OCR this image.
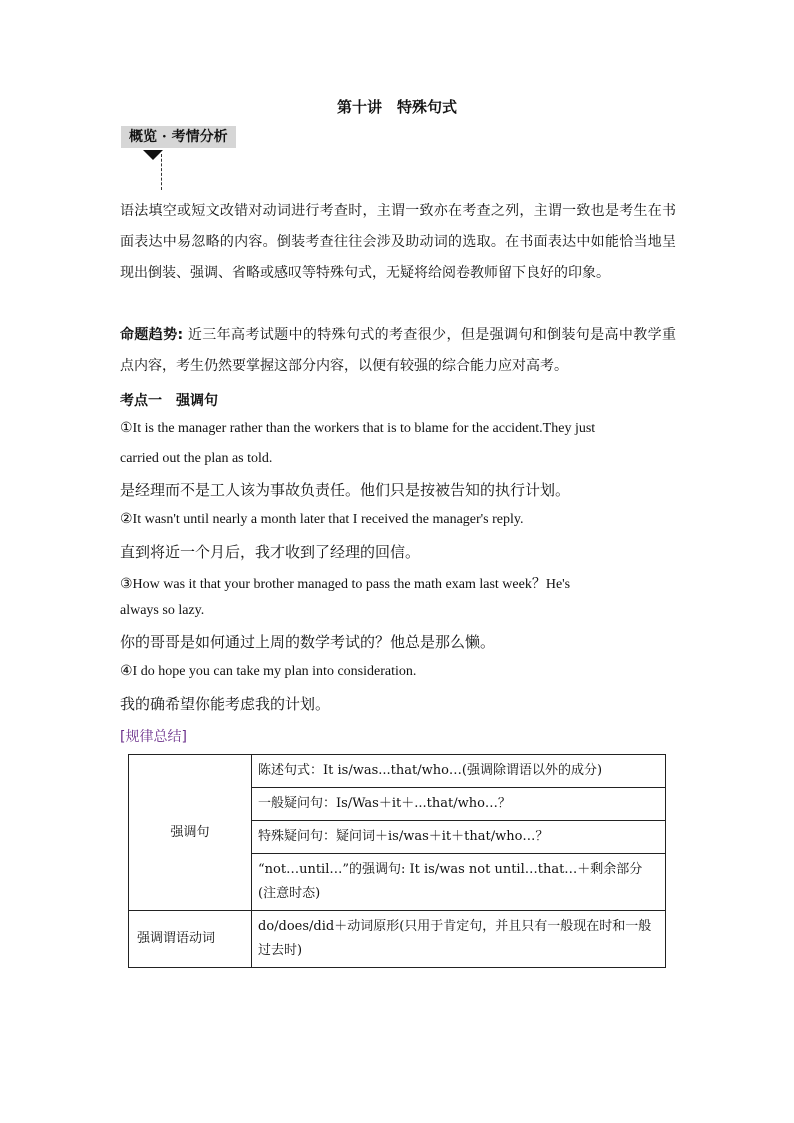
第十讲　特殊句式
概览 · 考情分析
语法填空或短文改错对动词进行考查时，主谓一致亦在考查之列，主谓一致也是考生在书面表达中易忽略的内容。倒装考查往往会涉及助动词的选取。在书面表达中如能恰当地呈现出倒装、强调、省略或感叹等特殊句式，无疑将给阅卷教师留下良好的印象。
命题趋势: 近三年高考试题中的特殊句式的考查很少，但是强调句和倒装句是高中教学重点内容，考生仍然要掌握这部分内容，以便有较强的综合能力应对高考。
考点一　强调句
①It is the manager rather than the workers that is to blame for the accident.They just
carried out the plan as told.
是经理而不是工人该为事故负责任。他们只是按被告知的执行计划。
②It wasn't until nearly a month later that I received the manager's reply.
直到将近一个月后，我才收到了经理的回信。
③How was it that your brother managed to pass the math exam last week？He's
always so lazy.
你的哥哥是如何通过上周的数学考试的？他总是那么懒。
④I do hope you can take my plan into consideration.
我的确希望你能考虑我的计划。
[规律总结]
强调句	陈述句式：It is/was...that/who…(强调除谓语以外的成分)
	一般疑问句：Is/Was＋it＋...that/who…？
	特殊疑问句：疑问词＋is/was＋it＋that/who…？
	“not…until…”的强调句: It is/was not until…that…＋剩余部分(注意时态)
强调谓语动词	do/does/did＋动词原形(只用于肯定句，并且只有一般现在时和一般过去时)
